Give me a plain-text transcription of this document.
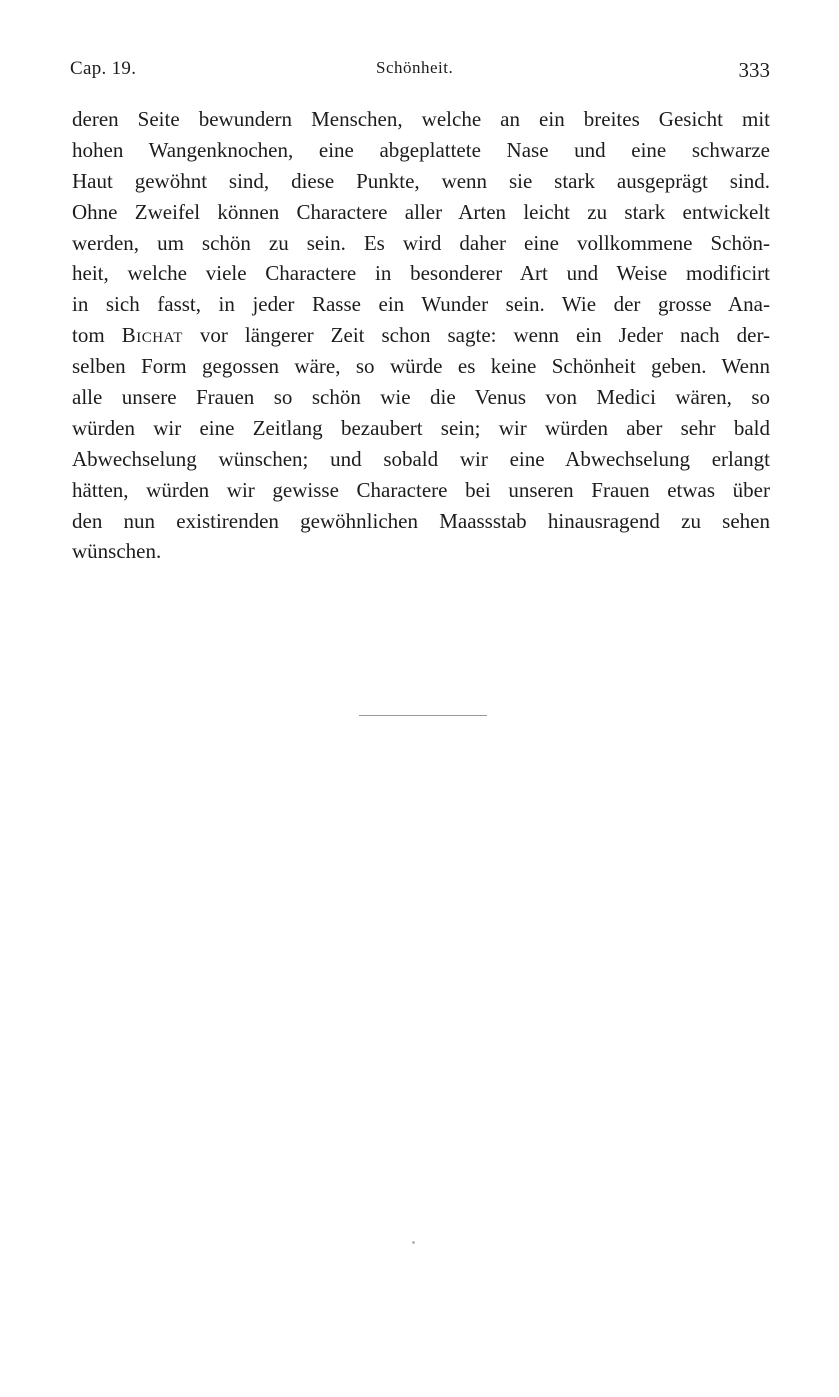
Cap. 19.	Schönheit.	333
deren Seite bewundern Menschen, welche an ein breites Gesicht mit
hohen Wangenknochen, eine abgeplattete Nase und eine schwarze
Haut gewöhnt sind, diese Punkte, wenn sie stark ausgeprägt sind.
Ohne Zweifel können Charactere aller Arten leicht zu stark entwickelt
werden, um schön zu sein. Es wird daher eine vollkommene Schön-
heit, welche viele Charactere in besonderer Art und Weise modificirt
in sich fasst, in jeder Rasse ein Wunder sein. Wie der grosse Ana-
tom Bichat vor längerer Zeit schon sagte: wenn ein Jeder nach der-
selben Form gegossen wäre, so würde es keine Schönheit geben. Wenn
alle unsere Frauen so schön wie die Venus von Medici wären, so
würden wir eine Zeitlang bezaubert sein; wir würden aber sehr bald
Abwechselung wünschen; und sobald wir eine Abwechselung erlangt
hätten, würden wir gewisse Charactere bei unseren Frauen etwas über
den nun existirenden gewöhnlichen Maassstab hinausragend zu sehen
wünschen.
